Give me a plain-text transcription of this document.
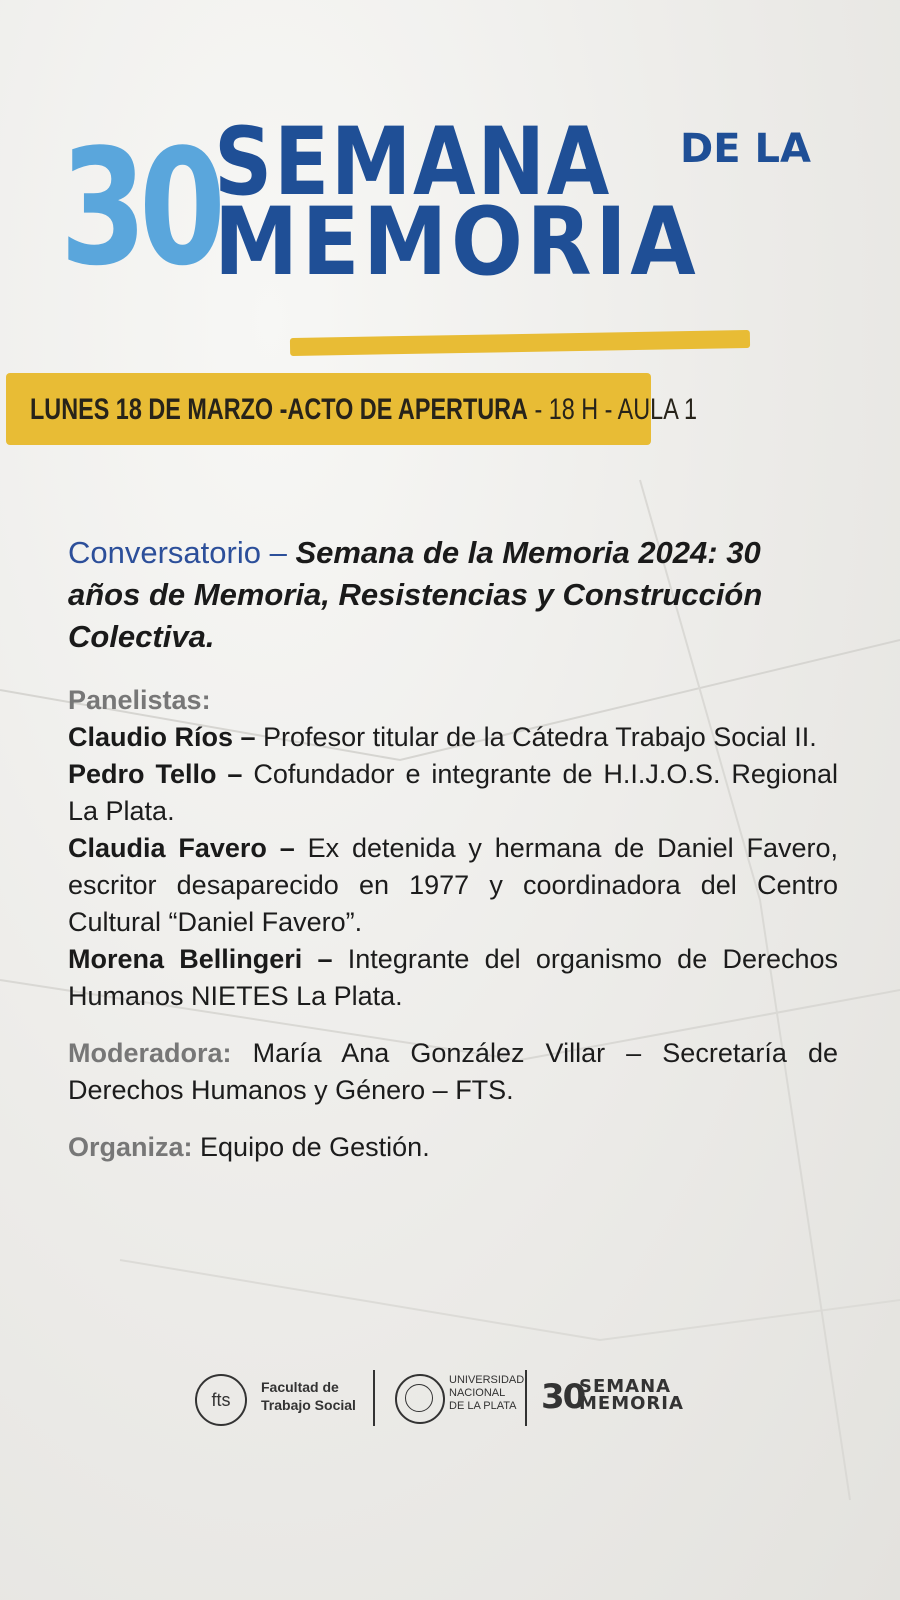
30
SEMANA DE LA
MEMORIA
LUNES 18 DE MARZO -ACTO DE APERTURA - 18 H - AULA 1

Conversatorio – Semana de la Memoria 2024: 30 años de Memoria, Resistencias y Construcción Colectiva.

Panelistas:

Claudio Ríos – Profesor titular de la Cátedra Trabajo Social II.

Pedro Tello – Cofundador e integrante de H.I.J.O.S. Regional La Plata.

Claudia Favero – Ex detenida y hermana de Daniel Favero, escritor desaparecido en 1977 y coordinadora del Centro Cultural “Daniel Favero”.

Morena Bellingeri – Integrante del organismo de Derechos Humanos NIETES La Plata.

Moderadora: María Ana González Villar – Secretaría de Derechos Humanos y Género – FTS.

Organiza: Equipo de Gestión.

fts
Facultad de
Trabajo Social
UNIVERSIDAD
NACIONAL
DE LA PLATA 30
SEMANA
MEMORIA
